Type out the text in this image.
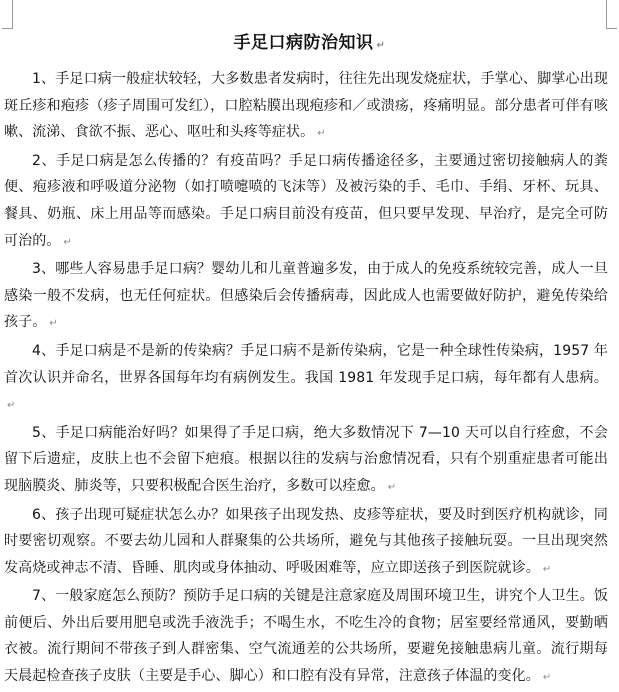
手足口病防治知识 ↵

1、手足口病一般症状较轻，大多数患者发病时，往往先出现发烧症状，手掌心、脚掌心出现斑丘疹和疱疹（疹子周围可发红），口腔粘膜出现疱疹和／或溃疡，疼痛明显。部分患者可伴有咳嗽、流涕、食欲不振、恶心、呕吐和头疼等症状。 ↵

2、手足口病是怎么传播的？有疫苗吗？手足口病传播途径多，主要通过密切接触病人的粪便、疱疹液和呼吸道分泌物（如打喷嚏喷的飞沫等）及被污染的手、毛巾、手绢、牙杯、玩具、餐具、奶瓶、床上用品等而感染。手足口病目前没有疫苗，但只要早发现、早治疗，是完全可防可治的。 ↵

3、哪些人容易患手足口病？婴幼儿和儿童普遍多发，由于成人的免疫系统较完善，成人一旦感染一般不发病，也无任何症状。但感染后会传播病毒，因此成人也需要做好防护，避免传染给孩子。 ↵

4、手足口病是不是新的传染病？手足口病不是新传染病，它是一种全球性传染病，1957 年首次认识并命名，世界各国每年均有病例发生。我国 1981 年发现手足口病，每年都有人患病。↵

5、手足口病能治好吗？如果得了手足口病，绝大多数情况下 7—10 天可以自行痊愈，不会留下后遗症，皮肤上也不会留下疤痕。根据以往的发病与治愈情况看，只有个别重症患者可能出现脑膜炎、肺炎等，只要积极配合医生治疗，多数可以痊愈。 ↵

6、孩子出现可疑症状怎么办？如果孩子出现发热、皮疹等症状，要及时到医疗机构就诊，同时要密切观察。不要去幼儿园和人群聚集的公共场所，避免与其他孩子接触玩耍。一旦出现突然发高烧或神志不清、昏睡、肌肉或身体抽动、呼吸困难等，应立即送孩子到医院就诊。 ↵

7、一般家庭怎么预防？预防手足口病的关键是注意家庭及周围环境卫生，讲究个人卫生。饭前便后、外出后要用肥皂或洗手液洗手；不喝生水，不吃生冷的食物；居室要经常通风，要勤晒衣被。流行期间不带孩子到人群密集、空气流通差的公共场所，要避免接触患病儿童。流行期每天晨起检查孩子皮肤（主要是手心、脚心）和口腔有没有异常，注意孩子体温的变化。 ↵
